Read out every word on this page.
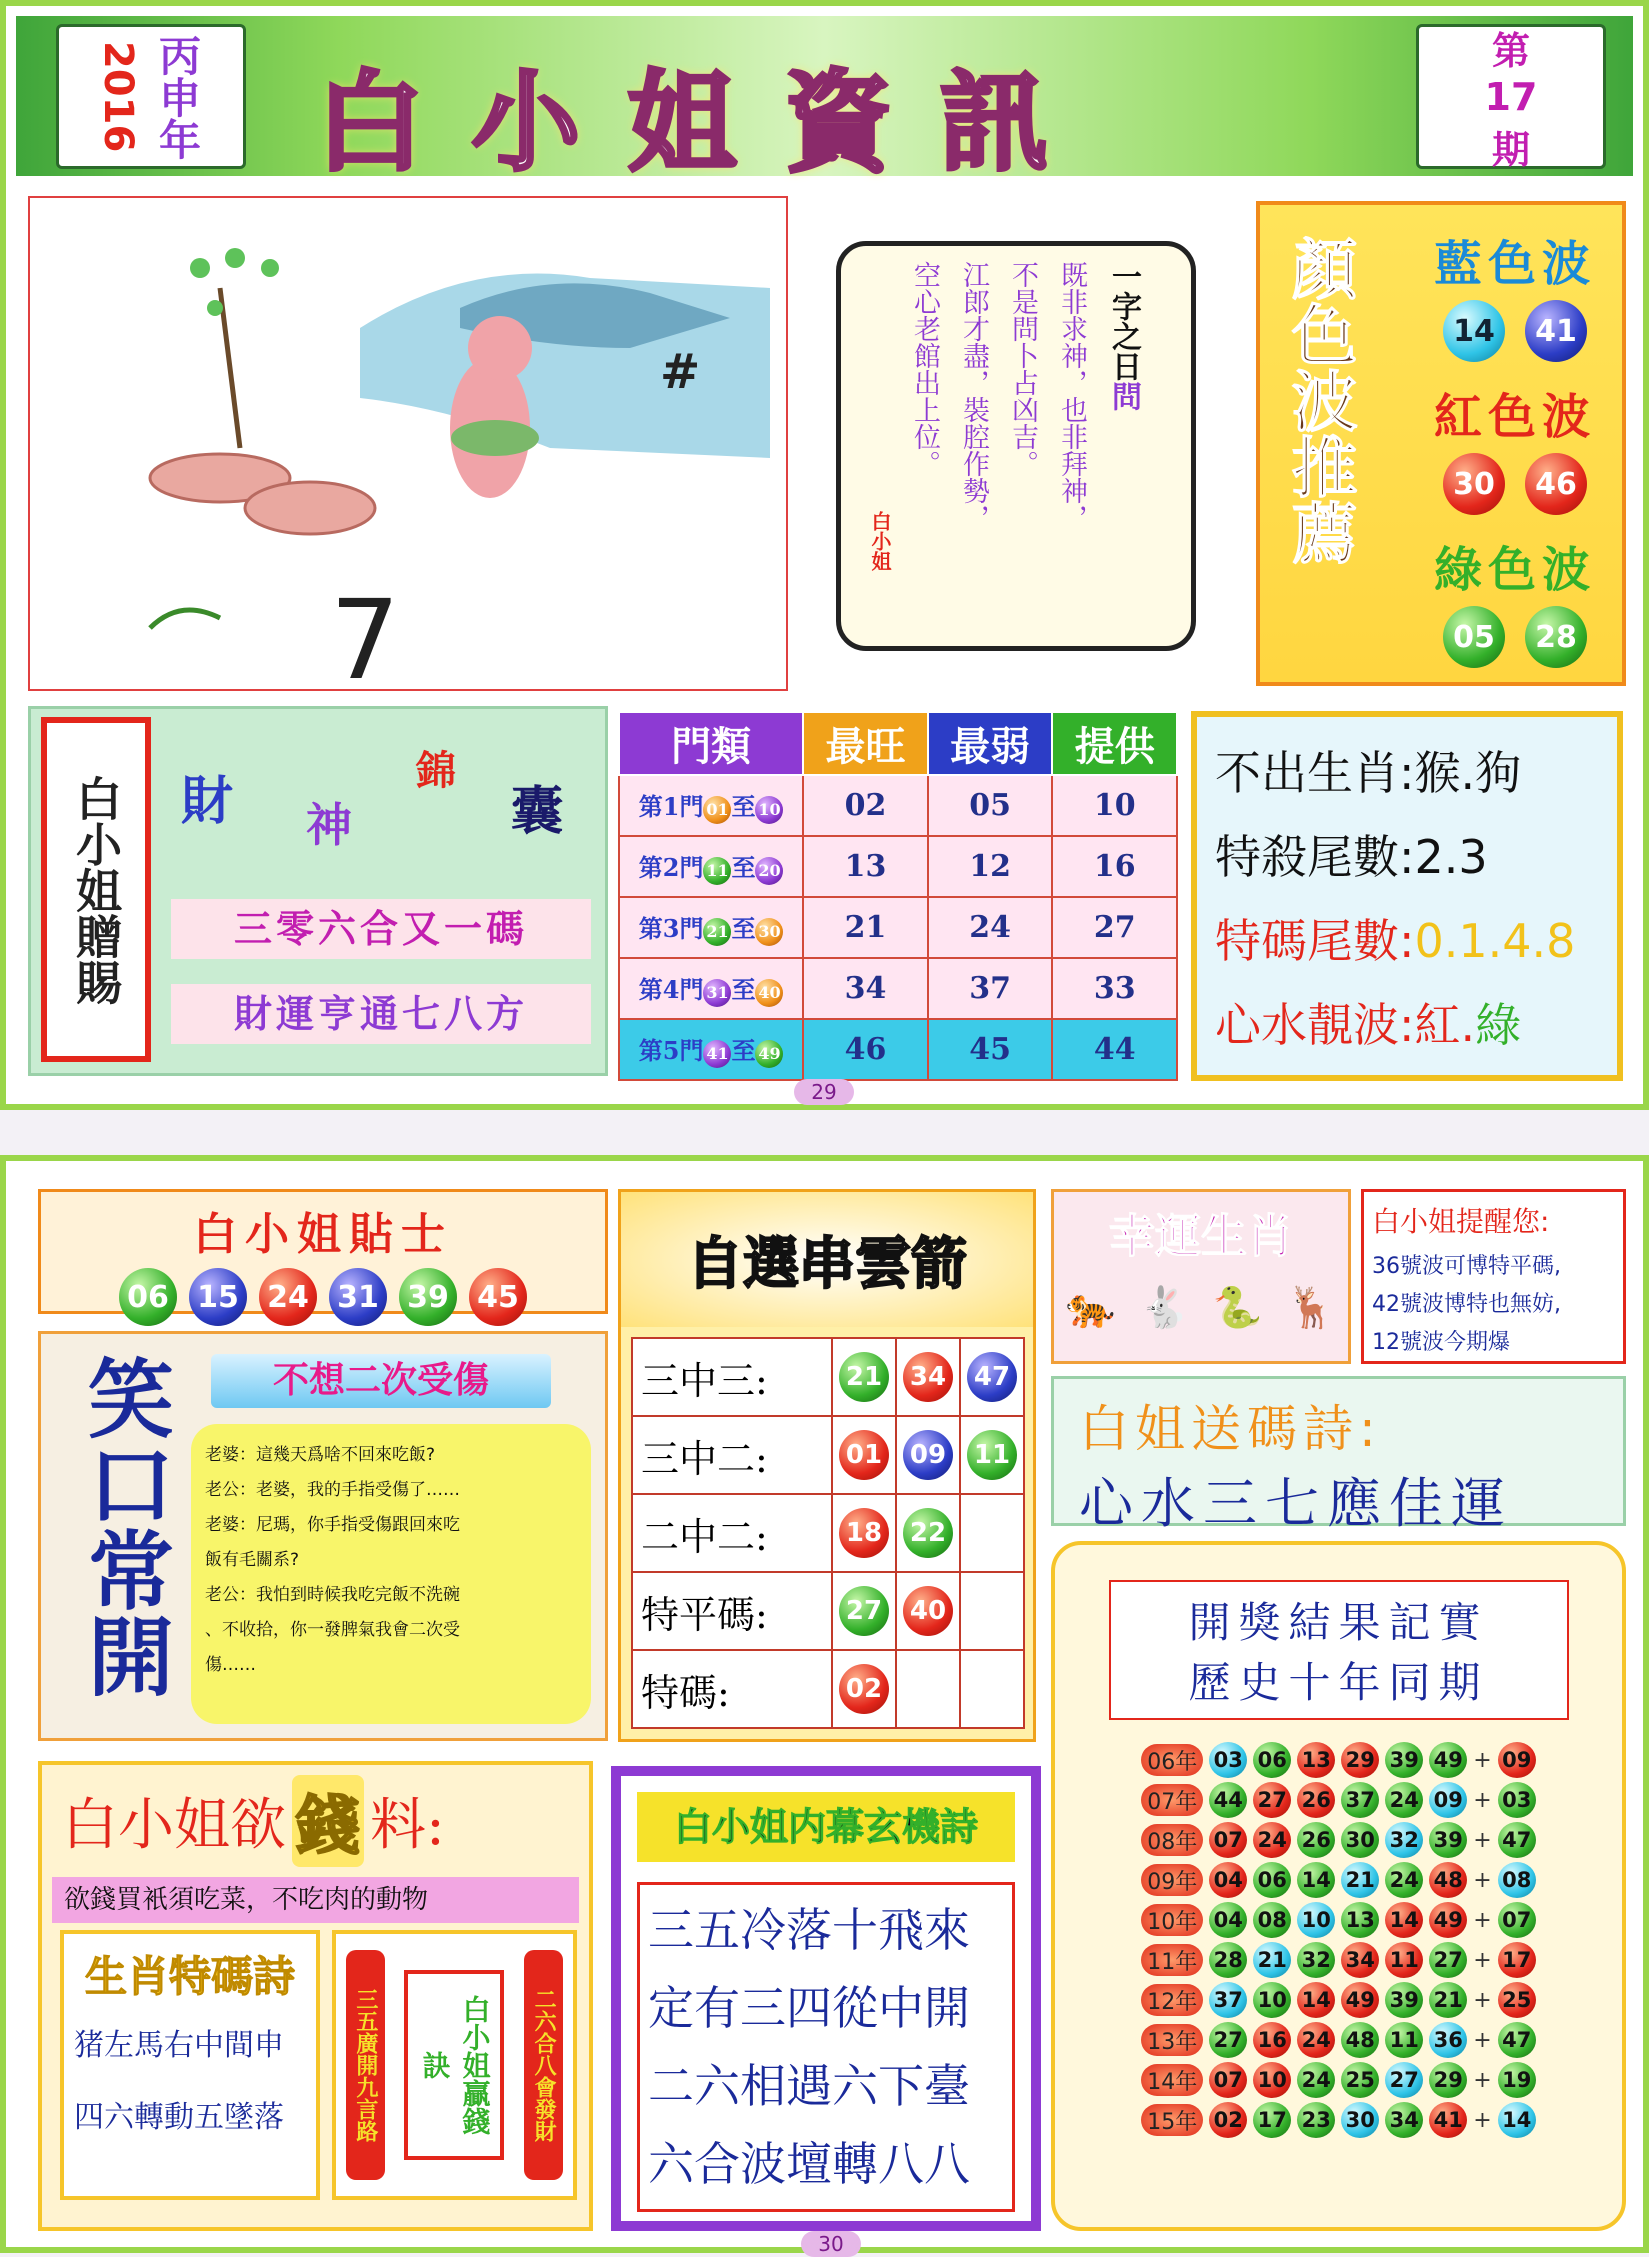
2016 丙申年 白小姐資訊
第
17
期
#
7
一字之日問
既非求神，也非拜神，
不是問卜占凶吉。
江郎才盡，裝腔作勢，
空心老館出上位。
白小姐	顏色波推薦	藍色波
14	41
紅色波
30	46
綠色波
05	28
白小姐贈賜 財 神
錦
囊
三零六合又一碼
財運亨通七八方
門類	最旺	最弱	提供
第1門 01 至 10	02	05	10
第2門 11 至 20	13	12	16
第3門 21 至 30	21	24	27
第4門 31 至 40	34	37	33
第5門 41 至 49	46	45	44
不出生肖:猴.狗
特殺尾數:2.3
特碼尾數:0.1.4.8
心水靚波:紅.綠
29
白小姐貼士
06 15 24 31 39 45
笑口常開	不想二次受傷
老婆：這幾天爲啥不回來吃飯?
老公：老婆，我的手指受傷了……
老婆：尼瑪，你手指受傷跟回來吃
飯有毛關系?
老公：我怕到時候我吃完飯不洗碗
、不收拾，你一發脾氣我會二次受
傷……
自選串雲箭
三中三:	21	34	47
三中二:	01	09	11
二中二:	18	22	
特平碼:	27	40	
特碼:	02		
幸運生肖
🐅 🐇 🐍 🦌
白小姐提醒您:
36號波可博特平碼,
42號波博特也無妨,
12號波今期爆
白姐送碼詩:
心水三七應佳運
開獎結果記實
歷史十年同期
06年	03	06	13	29	39	49	+	09
07年	44	27	26	37	24	09	+	03
08年	07	24	26	30	32	39	+	47
09年	04	06	14	21	24	48	+	08
10年	04	08	10	13	14	49	+	07
11年	28	21	32	34	11	27	+	17
12年	37	10	14	49	39	21	+	25
13年	27	16	24	48	11	36	+	47
14年	07	10	24	25	27	29	+	19
15年	02	17	23	30	34	41	+	14
白小姐欲 錢 料:
欲錢買衹須吃菜，不吃肉的動物
生肖特碼詩
猪左馬右中間申
四六轉動五墜落	三五廣開九言路	白小姐贏錢訣	二六合八會發財
白小姐内幕玄機詩
三五冷落十飛來
定有三四從中開
二六相遇六下臺
六合波壇轉八八
30
